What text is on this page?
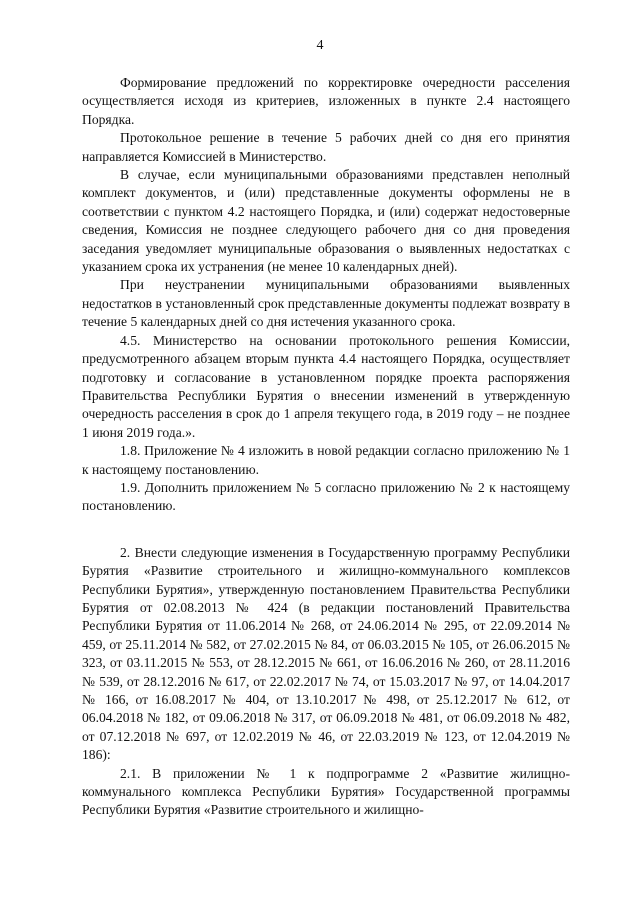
4

Формирование предложений по корректировке очередности расселения осуществляется исходя из критериев, изложенных в пункте 2.4 настоящего Порядка.

Протокольное решение в течение 5 рабочих дней со дня его принятия направляется Комиссией в Министерство.

В случае, если муниципальными образованиями представлен неполный комплект документов, и (или) представленные документы оформлены не в соответствии с пунктом 4.2 настоящего Порядка, и (или) содержат недостоверные сведения, Комиссия не позднее следующего рабочего дня со дня проведения заседания уведомляет муниципальные образования о выявленных недостатках с указанием срока их устранения (не менее 10 календарных дней).

При неустранении муниципальными образованиями выявленных недостатков в установленный срок представленные документы подлежат возврату в течение 5 календарных дней со дня истечения указанного срока.

4.5. Министерство на основании протокольного решения Комиссии, предусмотренного абзацем вторым пункта 4.4 настоящего Порядка, осуществляет подготовку и согласование в установленном порядке проекта распоряжения Правительства Республики Бурятия о внесении изменений в утвержденную очередность расселения в срок до 1 апреля текущего года, в 2019 году – не позднее 1 июня 2019 года.».

1.8. Приложение № 4 изложить в новой редакции согласно приложению № 1 к настоящему постановлению.

1.9. Дополнить приложением № 5 согласно приложению № 2 к настоящему постановлению.

2. Внести следующие изменения в Государственную программу Республики Бурятия «Развитие строительного и жилищно-коммунального комплексов Республики Бурятия», утвержденную постановлением Правительства Республики Бурятия от 02.08.2013 № 424 (в редакции постановлений Правительства Республики Бурятия от 11.06.2014 № 268, от 24.06.2014 № 295, от 22.09.2014 № 459, от 25.11.2014 № 582, от 27.02.2015 № 84, от 06.03.2015 № 105, от 26.06.2015 № 323, от 03.11.2015 № 553, от 28.12.2015 № 661, от 16.06.2016 № 260, от 28.11.2016 № 539, от 28.12.2016 № 617, от 22.02.2017 № 74, от 15.03.2017 № 97, от 14.04.2017 № 166, от 16.08.2017 № 404, от 13.10.2017 № 498, от 25.12.2017 № 612, от 06.04.2018 № 182, от 09.06.2018 № 317, от 06.09.2018 № 481, от 06.09.2018 № 482, от 07.12.2018 № 697, от 12.02.2019 № 46, от 22.03.2019 № 123, от 12.04.2019 № 186):

2.1. В приложении № 1 к подпрограмме 2 «Развитие жилищно-коммунального комплекса Республики Бурятия» Государственной программы Республики Бурятия «Развитие строительного и жилищно-
